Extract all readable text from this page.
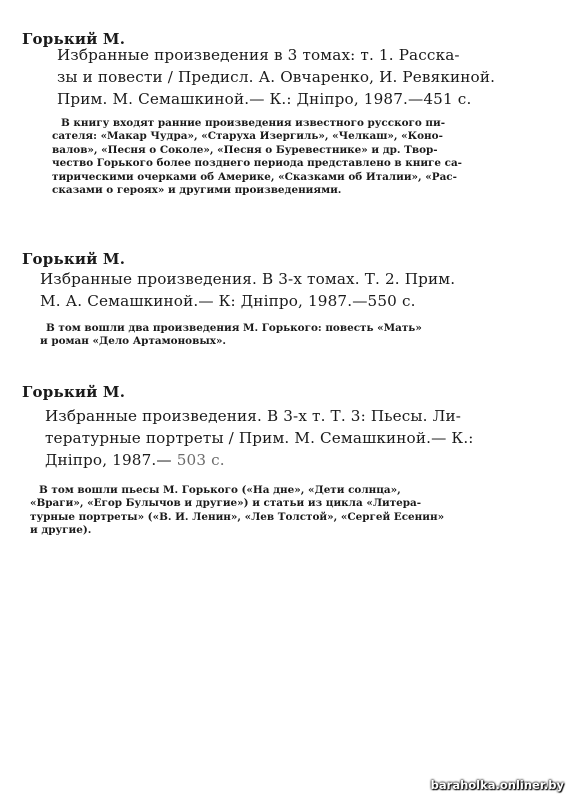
Горький М.
Избранные произведения в 3 томах: т. 1. Расска-
зы и повести / Предисл. А. Овчаренко, И. Ревякиной.
Прим. М. Семашкиной.— К.: Дніпро, 1987.—451 с.
В книгу входят ранние произведения известного русского пи-
сателя: «Макар Чудра», «Старуха Изергиль», «Челкаш», «Коно-
валов», «Песня о Соколе», «Песня о Буревестнике» и др. Твор-
чество Горького более позднего периода представлено в книге са-
тирическими очерками об Америке, «Сказками об Италии», «Рас-
сказами о героях» и другими произведениями.
Горький М.
Избранные произведения. В 3-х томах. Т. 2. Прим.
М. А. Семашкиной.— К: Дніпро, 1987.—550 с.
В том вошли два произведения М. Горького: повесть «Мать»
и роман «Дело Артамоновых».
Горький М.
Избранные произведения. В 3-х т. Т. 3: Пьесы. Ли-
тературные портреты / Прим. М. Семашкиной.— К.:
Дніпро, 1987.— 503 с.
В том вошли пьесы М. Горького («На дне», «Дети солнца»,
«Враги», «Егор Булычов и другие») и статьи из цикла «Литера-
турные портреты» («В. И. Ленин», «Лев Толстой», «Сергей Есенин»
и другие).
baraholka.onliner.by
